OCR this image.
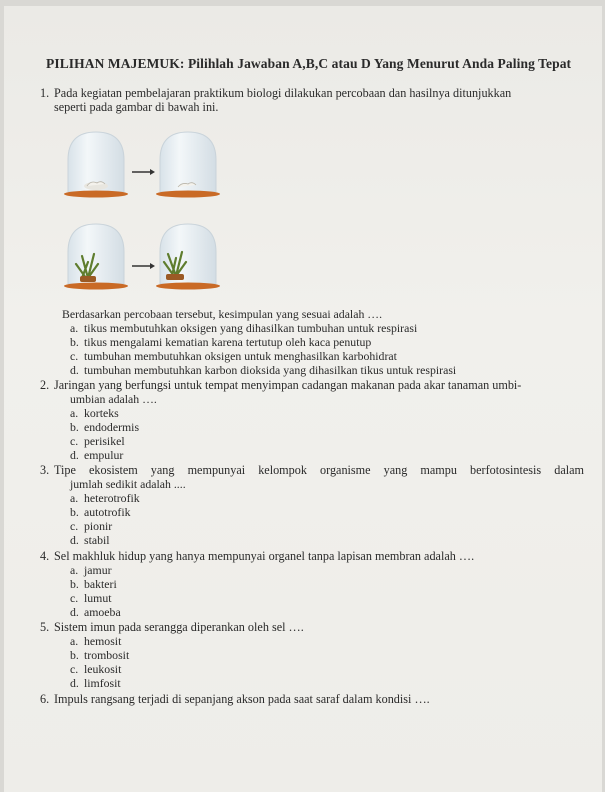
PILIHAN MAJEMUK: Pilihlah Jawaban A,B,C atau D Yang Menurut Anda Paling Tepat
1. Pada kegiatan pembelajaran praktikum biologi dilakukan percobaan dan hasilnya ditunjukkan
seperti pada gambar di bawah ini.
Berdasarkan percobaan tersebut, kesimpulan yang sesuai adalah ….
a. tikus membutuhkan oksigen yang dihasilkan tumbuhan untuk respirasi
b. tikus mengalami kematian karena tertutup oleh kaca penutup
c. tumbuhan membutuhkan oksigen untuk menghasilkan karbohidrat
d. tumbuhan membutuhkan karbon dioksida yang dihasilkan tikus untuk respirasi
2. Jaringan yang berfungsi untuk tempat menyimpan cadangan makanan pada akar tanaman umbi-
umbian adalah ….
a. korteks
b. endodermis
c. perisikel
d. empulur
3. Tipe ekosistem yang mempunyai kelompok organisme yang mampu berfotosintesis dalam
jumlah sedikit adalah ....
a. heterotrofik
b. autotrofik
c. pionir
d. stabil
4. Sel makhluk hidup yang hanya mempunyai organel tanpa lapisan membran adalah ….
a. jamur
b. bakteri
c. lumut
d. amoeba
5. Sistem imun pada serangga diperankan oleh sel ….
a. hemosit
b. trombosit
c. leukosit
d. limfosit
6. Impuls rangsang terjadi di sepanjang akson pada saat saraf dalam kondisi ….
